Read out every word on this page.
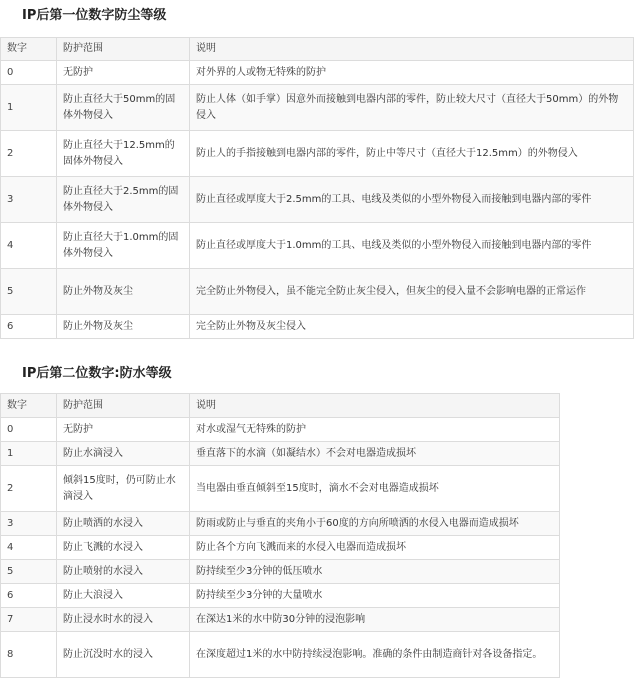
IP后第一位数字防尘等级
数字	防护范围	说明
0	无防护	对外界的人或物无特殊的防护
1	防止直径大于50mm的固体外物侵入	防止人体（如手掌）因意外而接触到电器内部的零件，防止较大尺寸（直径大于50mm）的外物侵入
2	防止直径大于12.5mm的固体外物侵入	防止人的手指接触到电器内部的零件，防止中等尺寸（直径大于12.5mm）的外物侵入
3	防止直径大于2.5mm的固体外物侵入	防止直径或厚度大于2.5mm的工具、电线及类似的小型外物侵入而接触到电器内部的零件
4	防止直径大于1.0mm的固体外物侵入	防止直径或厚度大于1.0mm的工具、电线及类似的小型外物侵入而接触到电器内部的零件
5	防止外物及灰尘	完全防止外物侵入，虽不能完全防止灰尘侵入，但灰尘的侵入量不会影响电器的正常运作
6	防止外物及灰尘	完全防止外物及灰尘侵入
IP后第二位数字:防水等级
数字	防护范围	说明
0	无防护	对水或湿气无特殊的防护
1	防止水滴浸入	垂直落下的水滴（如凝结水）不会对电器造成损坏
2	倾斜15度时，仍可防止水滴浸入	当电器由垂直倾斜至15度时，滴水不会对电器造成损坏
3	防止喷洒的水浸入	防雨或防止与垂直的夹角小于60度的方向所喷洒的水侵入电器而造成损坏
4	防止飞溅的水浸入	防止各个方向飞溅而来的水侵入电器而造成损坏
5	防止喷射的水浸入	防持续至少3分钟的低压喷水
6	防止大浪浸入	防持续至少3分钟的大量喷水
7	防止浸水时水的浸入	在深达1米的水中防30分钟的浸泡影响
8	防止沉没时水的浸入	在深度超过1米的水中防持续浸泡影响。准确的条件由制造商针对各设备指定。
